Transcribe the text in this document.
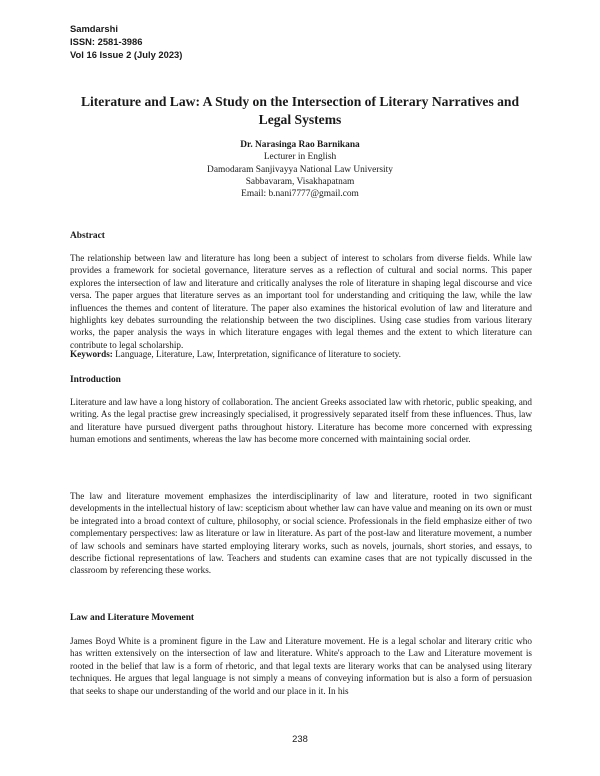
Samdarshi
ISSN: 2581-3986
Vol 16 Issue 2 (July 2023)
Literature and Law: A Study on the Intersection of Literary Narratives and Legal Systems
Dr. Narasinga Rao Barnikana
Lecturer in English
Damodaram Sanjivayya National Law University
Sabbavaram, Visakhapatnam
Email: b.nani7777@gmail.com
Abstract
The relationship between law and literature has long been a subject of interest to scholars from diverse fields. While law provides a framework for societal governance, literature serves as a reflection of cultural and social norms. This paper explores the intersection of law and literature and critically analyses the role of literature in shaping legal discourse and vice versa. The paper argues that literature serves as an important tool for understanding and critiquing the law, while the law influences the themes and content of literature. The paper also examines the historical evolution of law and literature and highlights key debates surrounding the relationship between the two disciplines. Using case studies from various literary works, the paper analysis the ways in which literature engages with legal themes and the extent to which literature can contribute to legal scholarship.
Keywords: Language, Literature, Law, Interpretation, significance of literature to society.
Introduction
Literature and law have a long history of collaboration. The ancient Greeks associated law with rhetoric, public speaking, and writing. As the legal practise grew increasingly specialised, it progressively separated itself from these influences. Thus, law and literature have pursued divergent paths throughout history. Literature has become more concerned with expressing human emotions and sentiments, whereas the law has become more concerned with maintaining social order.
The law and literature movement emphasizes the interdisciplinarity of law and literature, rooted in two significant developments in the intellectual history of law: scepticism about whether law can have value and meaning on its own or must be integrated into a broad context of culture, philosophy, or social science. Professionals in the field emphasize either of two complementary perspectives: law as literature or law in literature. As part of the post-law and literature movement, a number of law schools and seminars have started employing literary works, such as novels, journals, short stories, and essays, to describe fictional representations of law. Teachers and students can examine cases that are not typically discussed in the classroom by referencing these works.
Law and Literature Movement
James Boyd White is a prominent figure in the Law and Literature movement. He is a legal scholar and literary critic who has written extensively on the intersection of law and literature. White's approach to the Law and Literature movement is rooted in the belief that law is a form of rhetoric, and that legal texts are literary works that can be analysed using literary techniques. He argues that legal language is not simply a means of conveying information but is also a form of persuasion that seeks to shape our understanding of the world and our place in it. In his
238
